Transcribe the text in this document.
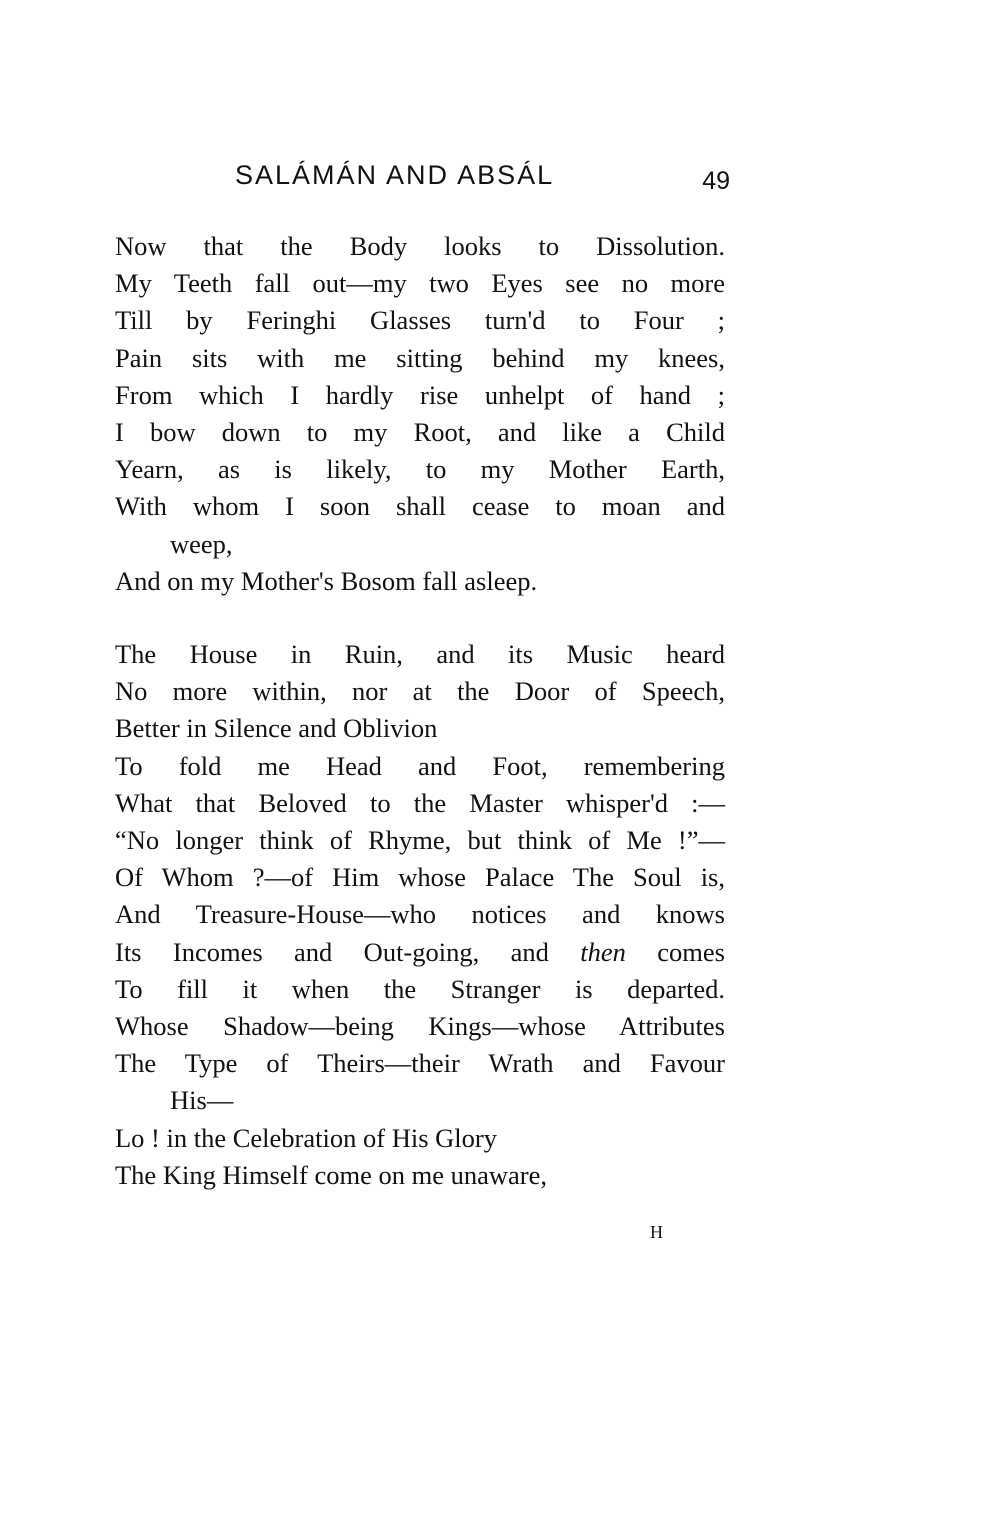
SALÁMÁN AND ABSÁL	49
Now that the Body looks to Dissolution.
My Teeth fall out—my two Eyes see no more
Till by Feringhi Glasses turn'd to Four ;
Pain sits with me sitting behind my knees,
From which I hardly rise unhelpt of hand ;
I bow down to my Root, and like a Child
Yearn, as is likely, to my Mother Earth,
With whom I soon shall cease to moan and
weep,
And on my Mother's Bosom fall asleep.
The House in Ruin, and its Music heard
No more within, nor at the Door of Speech,
Better in Silence and Oblivion
To fold me Head and Foot, remembering
What that Beloved to the Master whisper'd :—
“No longer think of Rhyme, but think of Me !”—
Of Whom ?—of Him whose Palace The Soul is,
And Treasure-House—who notices and knows
Its Incomes and Out-going, and then comes
To fill it when the Stranger is departed.
Whose Shadow—being Kings—whose Attributes
The Type of Theirs—their Wrath and Favour
His—
Lo ! in the Celebration of His Glory
The King Himself come on me unaware,
H
